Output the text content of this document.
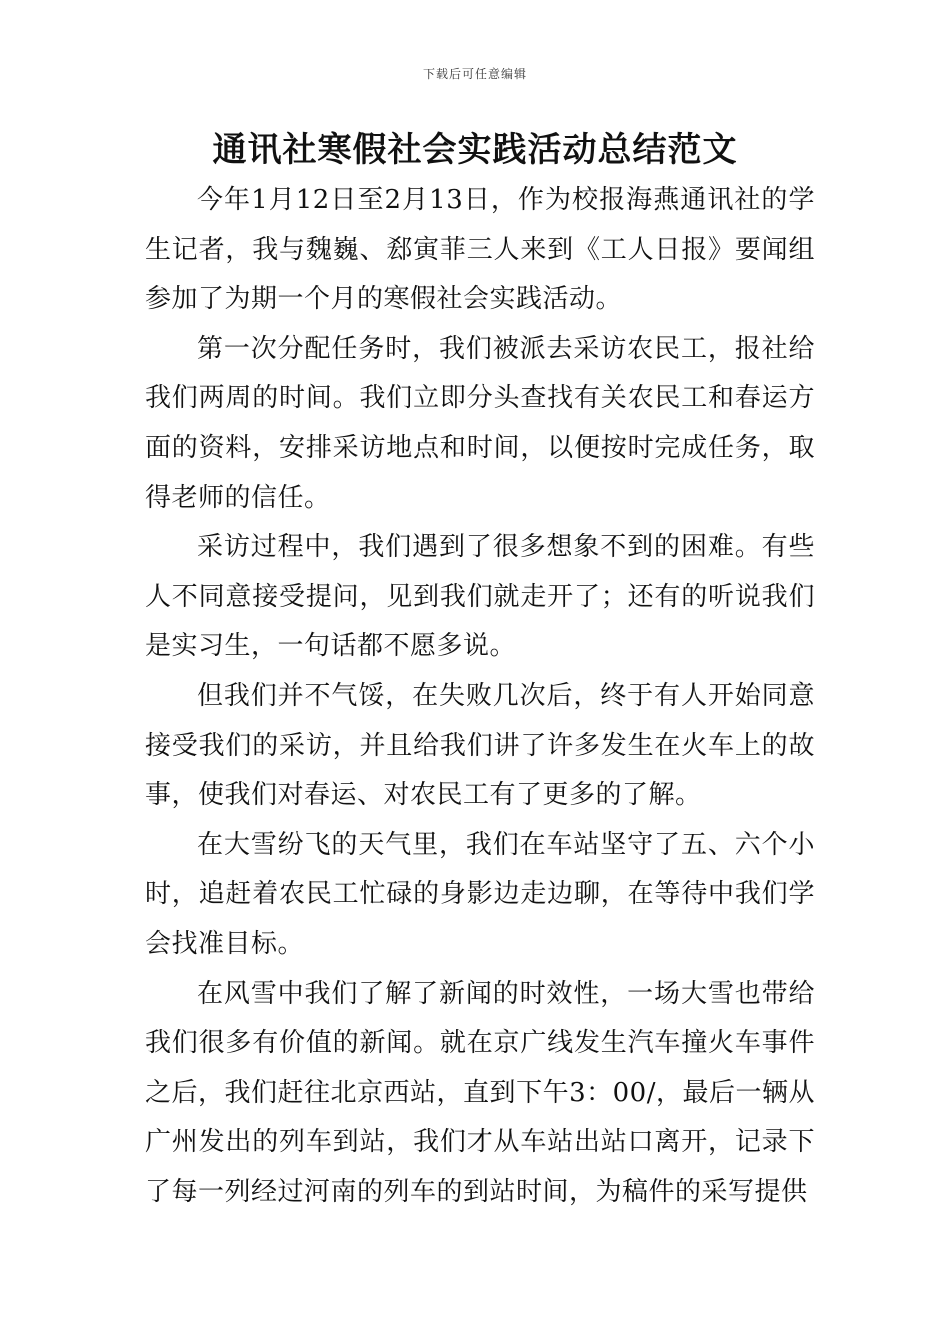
下载后可任意编辑
通讯社寒假社会实践活动总结范文

今年1月12日至2月13日，作为校报海燕通讯社的学生记者，我与魏巍、郄寅菲三人来到《工人日报》要闻组参加了为期一个月的寒假社会实践活动。

第一次分配任务时，我们被派去采访农民工，报社给我们两周的时间。我们立即分头查找有关农民工和春运方面的资料，安排采访地点和时间，以便按时完成任务，取得老师的信任。

采访过程中，我们遇到了很多想象不到的困难。有些人不同意接受提问，见到我们就走开了；还有的听说我们是实习生，一句话都不愿多说。

但我们并不气馁，在失败几次后，终于有人开始同意接受我们的采访，并且给我们讲了许多发生在火车上的故事，使我们对春运、对农民工有了更多的了解。

在大雪纷飞的天气里，我们在车站坚守了五、六个小时，追赶着农民工忙碌的身影边走边聊，在等待中我们学会找准目标。

在风雪中我们了解了新闻的时效性，一场大雪也带给我们很多有价值的新闻。就在京广线发生汽车撞火车事件之后，我们赶往北京西站，直到下午3：00/，最后一辆从广州发出的列车到站，我们才从车站出站口离开，记录下了每一列经过河南的列车的到站时间，为稿件的采写提供
